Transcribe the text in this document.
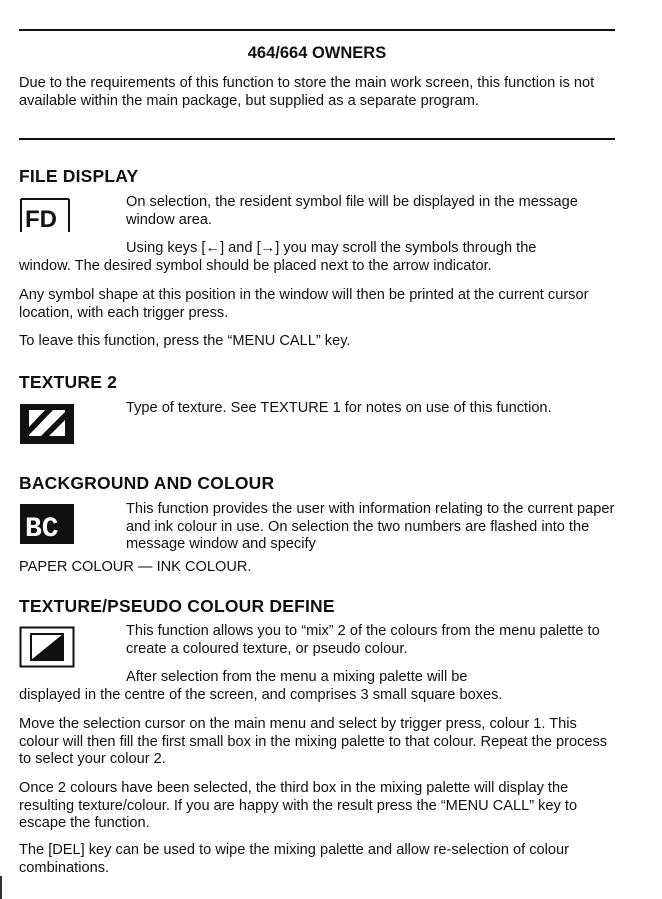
464/664 OWNERS
Due to the requirements of this function to store the main work screen, this function is not available within the main package, but supplied as a separate program.
FILE DISPLAY
FD
On selection, the resident symbol file will be displayed in the message window area.
Using keys [←] and [→] you may scroll the symbols through the
window. The desired symbol should be placed next to the arrow indicator.
Any symbol shape at this position in the window will then be printed at the current cursor location, with each trigger press.
To leave this function, press the “MENU CALL” key.
TEXTURE 2
Type of texture. See TEXTURE 1 for notes on use of this function.
BACKGROUND AND COLOUR
BC
This function provides the user with information relating to the current paper and ink colour in use. On selection the two numbers are flashed into the message window and specify
PAPER COLOUR — INK COLOUR.
TEXTURE/PSEUDO COLOUR DEFINE
This function allows you to “mix” 2 of the colours from the menu palette to create a coloured texture, or pseudo colour.
After selection from the menu a mixing palette will be
displayed in the centre of the screen, and comprises 3 small square boxes.
Move the selection cursor on the main menu and select by trigger press, colour 1. This colour will then fill the first small box in the mixing palette to that colour. Repeat the process to select your colour 2.
Once 2 colours have been selected, the third box in the mixing palette will display the resulting texture/colour. If you are happy with the result press the “MENU CALL” key to escape the function.
The [DEL] key can be used to wipe the mixing palette and allow re-selection of colour combinations.
